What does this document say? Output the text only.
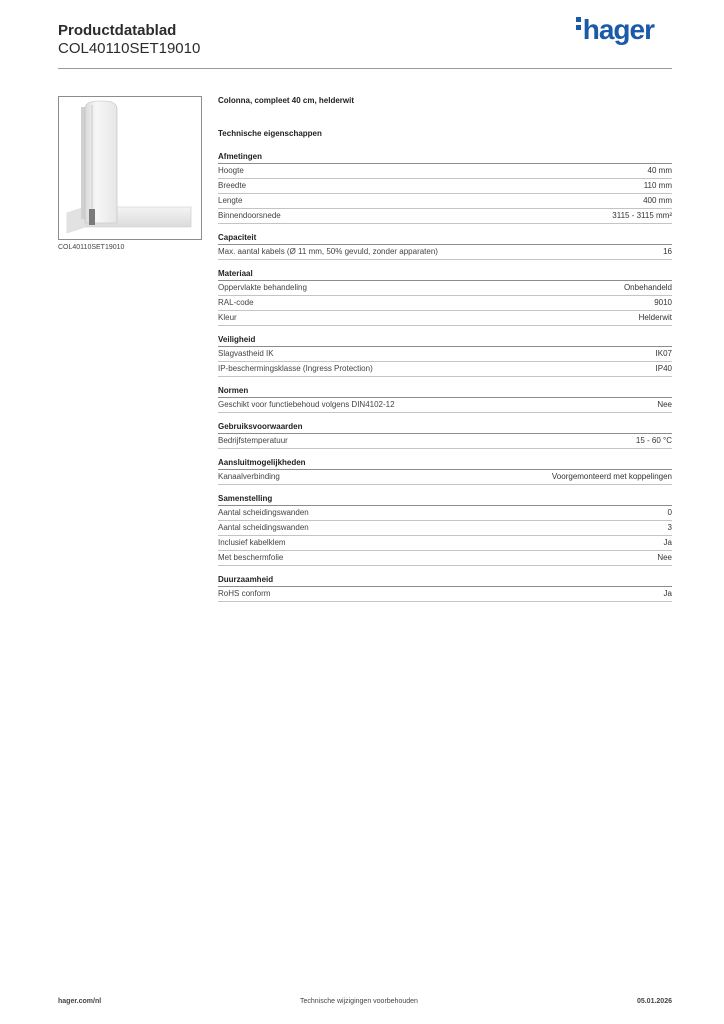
Productdatablad
COL40110SET19010
hager
COL40110SET19010
Colonna, compleet 40 cm, helderwit
Technische eigenschappen
Afmetingen
Hoogte	40 mm
Breedte	110 mm
Lengte	400 mm
Binnendoorsnede	3115 - 3115 mm²
Capaciteit
Max. aantal kabels (Ø 11 mm, 50% gevuld, zonder apparaten)	16
Materiaal
Oppervlakte behandeling	Onbehandeld
RAL-code	9010
Kleur	Helderwit
Veiligheid
Slagvastheid IK	IK07
IP-beschermingsklasse (Ingress Protection)	IP40
Normen
Geschikt voor functiebehoud volgens DIN4102-12	Nee
Gebruiksvoorwaarden
Bedrijfstemperatuur	15 - 60 °C
Aansluitmogelijkheden
Kanaalverbinding	Voorgemonteerd met koppelingen
Samenstelling
Aantal scheidingswanden	0
Aantal scheidingswanden	3
Inclusief kabelklem	Ja
Met beschermfolie	Nee
Duurzaamheid
RoHS conform	Ja
hager.com/nl	Technische wijzigingen voorbehouden	05.01.2026
